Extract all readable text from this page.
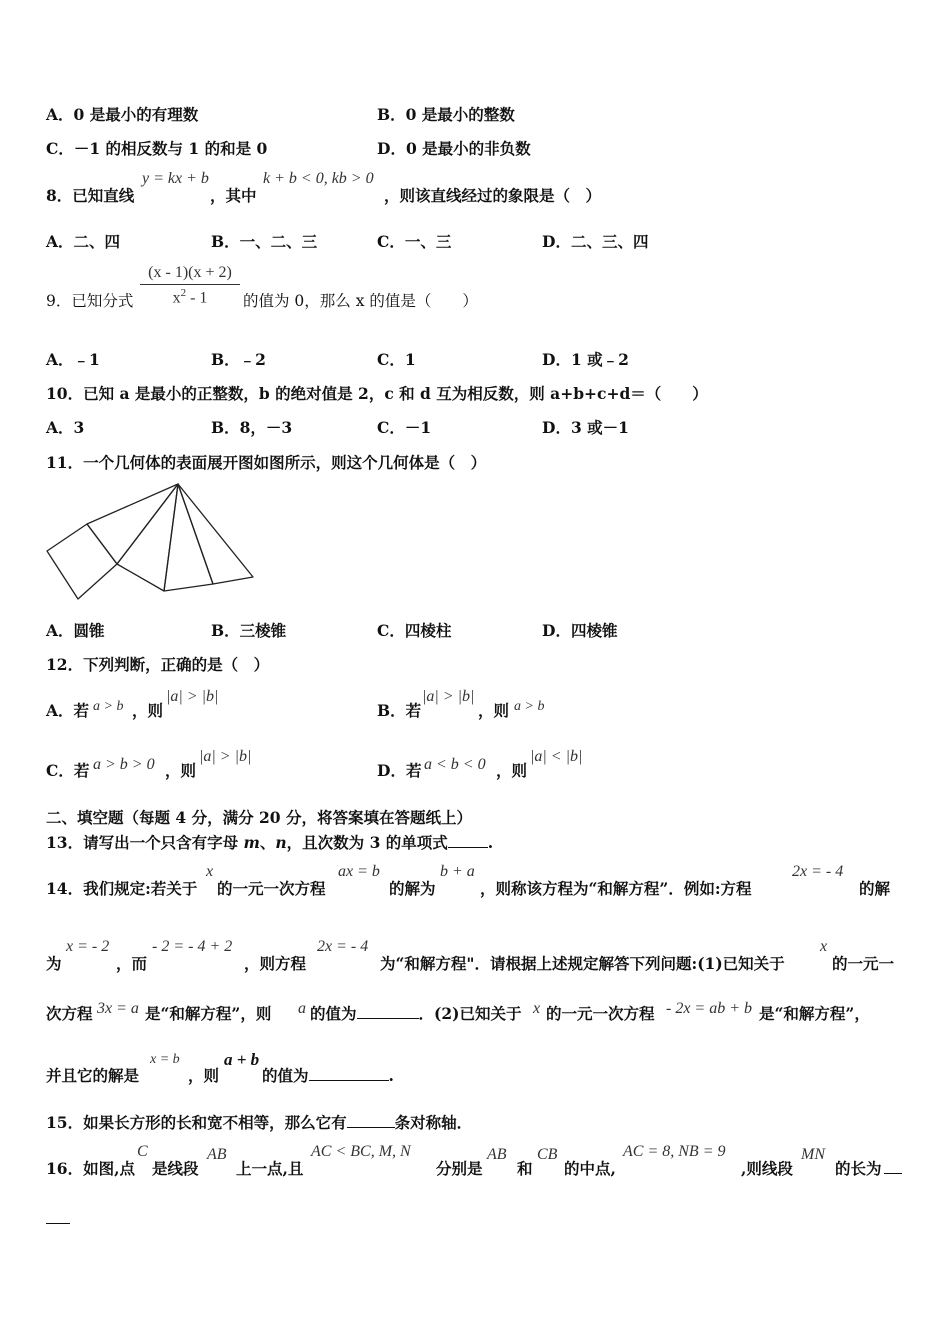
A．0 是最小的有理数	B．0 是最小的整数
C．－1 的相反数与 1 的和是 0	D．0 是最小的非负数
8．已知直线
y = kx + b
，其中
k + b < 0, kb > 0
，则该直线经过的象限是（　）
A．二、四	B．一、二、三	C．一、三	D．二、三、四
9．已知分式 $\frac{(x - 1)(x + 2)}{x^2 - 1}$ 的值为 0，那么 x 的值是（　　）
A．﹣1	B．﹣2	C．1	D．1 或﹣2
10．已知 a 是最小的正整数，b 的绝对值是 2，c 和 d 互为相反数，则 a+b+c+d＝（　　）
A．3	B．8，－3	C．－1	D．3 或－1
11．一个几何体的表面展开图如图所示，则这个几何体是（　）
A．圆锥	B．三棱锥	C．四棱柱	D．四棱锥
12．下列判断，正确的是（　）
A．若 a > b ，则
|a| > |b|
B．若
|a| > |b|
，则 a > b
C．若 a > b > 0 ，则
|a| > |b|
D．若 a < b < 0 ，则
|a| < |b|
二、填空题（每题 4 分，满分 20 分，将答案填在答题纸上）
13．请写出一个只含有字母 m、n，且次数为 3 的单项式	.
14．我们规定:若关于
x
的一元一次方程
ax = b
的解为
b + a
，则称该方程为“和解方程”．例如:方程
2x = - 4
的解
为
x = - 2
，而
- 2 = - 4 + 2
，则方程
2x = - 4
为“和解方程"．请根据上述规定解答下列问题:(1)已知关于
x
的一元一
次方程 3x = a 是“和解方程”，则 a 的值为	．(2)已知关于 x 的一元一次方程 - 2x = ab + b 是“和解方程”，
并且它的解是
x = b
，则
a + b
的值为	.
15．如果长方形的长和宽不相等，那么它有	条对称轴．
16．如图,点
C
是线段
AB
上一点,且
AC < BC, M, N
分别是
AB
和
CB
的中点,
AC = 8, NB = 9
,则线段
MN
的长为
